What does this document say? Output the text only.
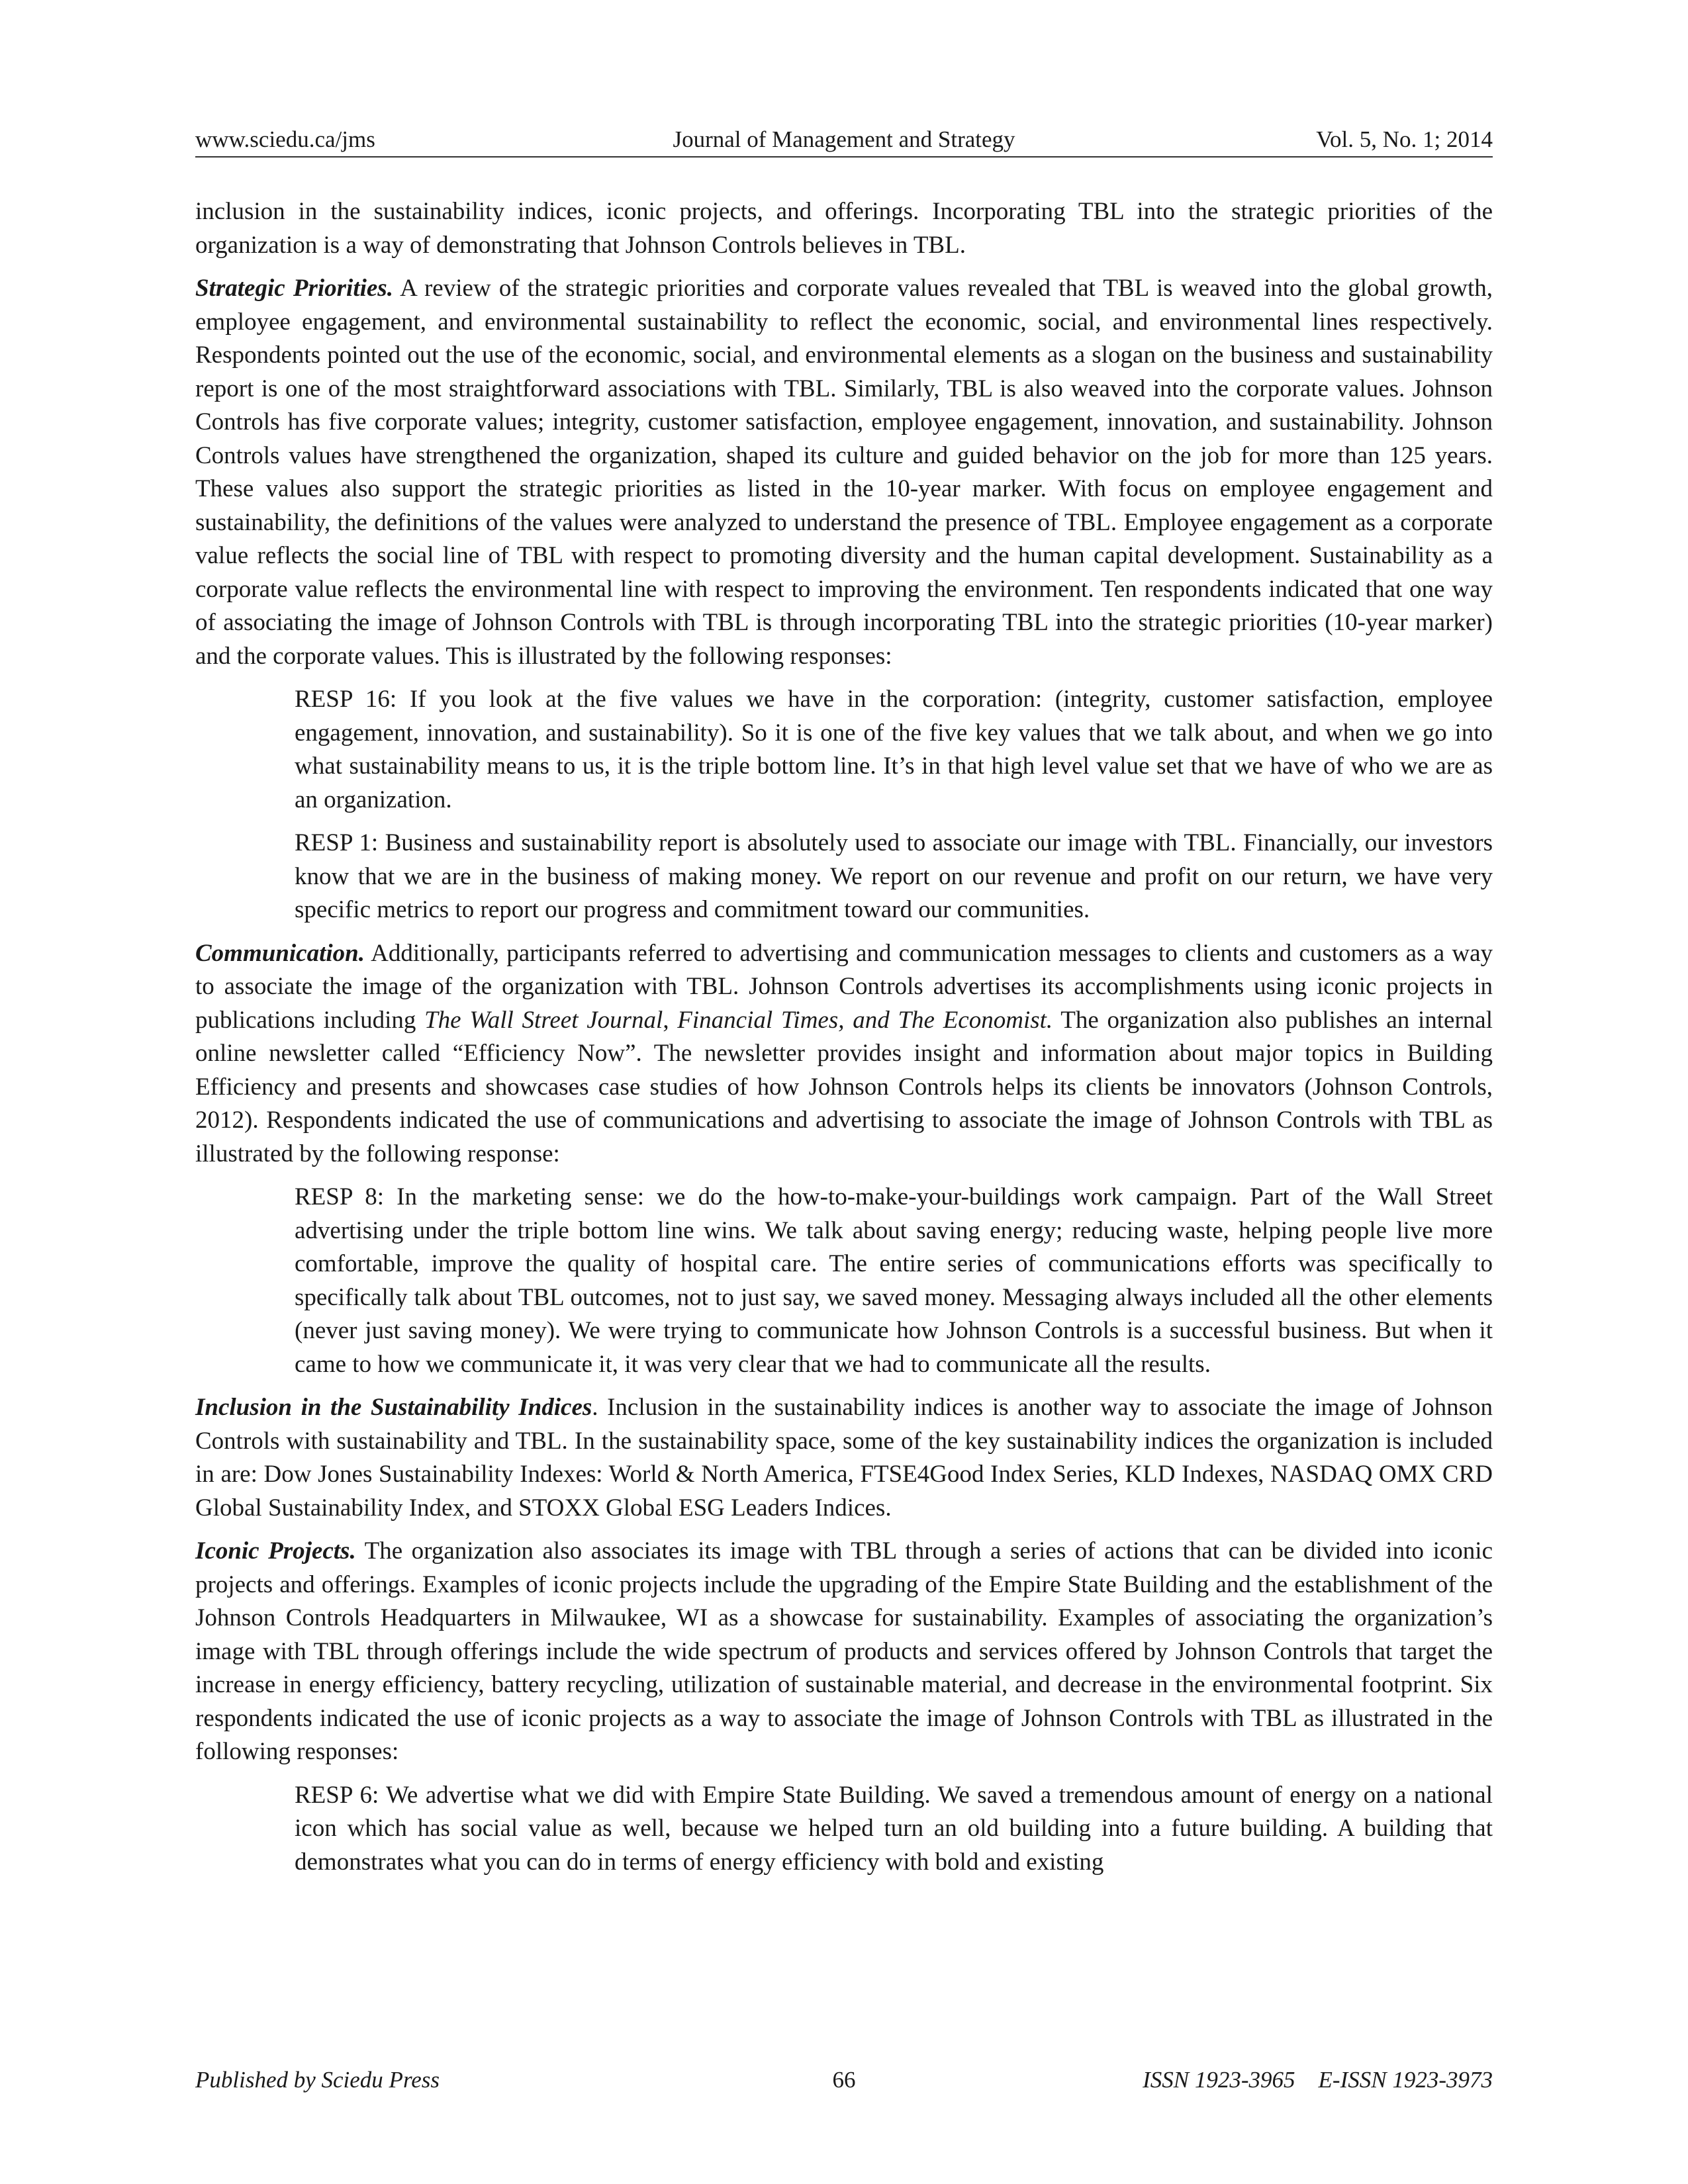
www.sciedu.ca/jms	Journal of Management and Strategy	Vol. 5, No. 1; 2014

inclusion in the sustainability indices, iconic projects, and offerings. Incorporating TBL into the strategic priorities of the organization is a way of demonstrating that Johnson Controls believes in TBL.

Strategic Priorities. A review of the strategic priorities and corporate values revealed that TBL is weaved into the global growth, employee engagement, and environmental sustainability to reflect the economic, social, and environmental lines respectively. Respondents pointed out the use of the economic, social, and environmental elements as a slogan on the business and sustainability report is one of the most straightforward associations with TBL. Similarly, TBL is also weaved into the corporate values. Johnson Controls has five corporate values; integrity, customer satisfaction, employee engagement, innovation, and sustainability. Johnson Controls values have strengthened the organization, shaped its culture and guided behavior on the job for more than 125 years. These values also support the strategic priorities as listed in the 10-year marker. With focus on employee engagement and sustainability, the definitions of the values were analyzed to understand the presence of TBL. Employee engagement as a corporate value reflects the social line of TBL with respect to promoting diversity and the human capital development. Sustainability as a corporate value reflects the environmental line with respect to improving the environment. Ten respondents indicated that one way of associating the image of Johnson Controls with TBL is through incorporating TBL into the strategic priorities (10-year marker) and the corporate values. This is illustrated by the following responses:

RESP 16: If you look at the five values we have in the corporation: (integrity, customer satisfaction, employee engagement, innovation, and sustainability). So it is one of the five key values that we talk about, and when we go into what sustainability means to us, it is the triple bottom line. It’s in that high level value set that we have of who we are as an organization.

RESP 1: Business and sustainability report is absolutely used to associate our image with TBL. Financially, our investors know that we are in the business of making money. We report on our revenue and profit on our return, we have very specific metrics to report our progress and commitment toward our communities.

Communication. Additionally, participants referred to advertising and communication messages to clients and customers as a way to associate the image of the organization with TBL. Johnson Controls advertises its accomplishments using iconic projects in publications including The Wall Street Journal, Financial Times, and The Economist. The organization also publishes an internal online newsletter called “Efficiency Now”. The newsletter provides insight and information about major topics in Building Efficiency and presents and showcases case studies of how Johnson Controls helps its clients be innovators (Johnson Controls, 2012). Respondents indicated the use of communications and advertising to associate the image of Johnson Controls with TBL as illustrated by the following response:

RESP 8: In the marketing sense: we do the how-to-make-your-buildings work campaign. Part of the Wall Street advertising under the triple bottom line wins. We talk about saving energy; reducing waste, helping people live more comfortable, improve the quality of hospital care. The entire series of communications efforts was specifically to specifically talk about TBL outcomes, not to just say, we saved money. Messaging always included all the other elements (never just saving money). We were trying to communicate how Johnson Controls is a successful business. But when it came to how we communicate it, it was very clear that we had to communicate all the results.

Inclusion in the Sustainability Indices. Inclusion in the sustainability indices is another way to associate the image of Johnson Controls with sustainability and TBL. In the sustainability space, some of the key sustainability indices the organization is included in are: Dow Jones Sustainability Indexes: World & North America, FTSE4Good Index Series, KLD Indexes, NASDAQ OMX CRD Global Sustainability Index, and STOXX Global ESG Leaders Indices.

Iconic Projects. The organization also associates its image with TBL through a series of actions that can be divided into iconic projects and offerings. Examples of iconic projects include the upgrading of the Empire State Building and the establishment of the Johnson Controls Headquarters in Milwaukee, WI as a showcase for sustainability. Examples of associating the organization’s image with TBL through offerings include the wide spectrum of products and services offered by Johnson Controls that target the increase in energy efficiency, battery recycling, utilization of sustainable material, and decrease in the environmental footprint. Six respondents indicated the use of iconic projects as a way to associate the image of Johnson Controls with TBL as illustrated in the following responses:

RESP 6: We advertise what we did with Empire State Building. We saved a tremendous amount of energy on a national icon which has social value as well, because we helped turn an old building into a future building. A building that demonstrates what you can do in terms of energy efficiency with bold and existing

Published by Sciedu Press	66	ISSN 1923-3965    E-ISSN 1923-3973
